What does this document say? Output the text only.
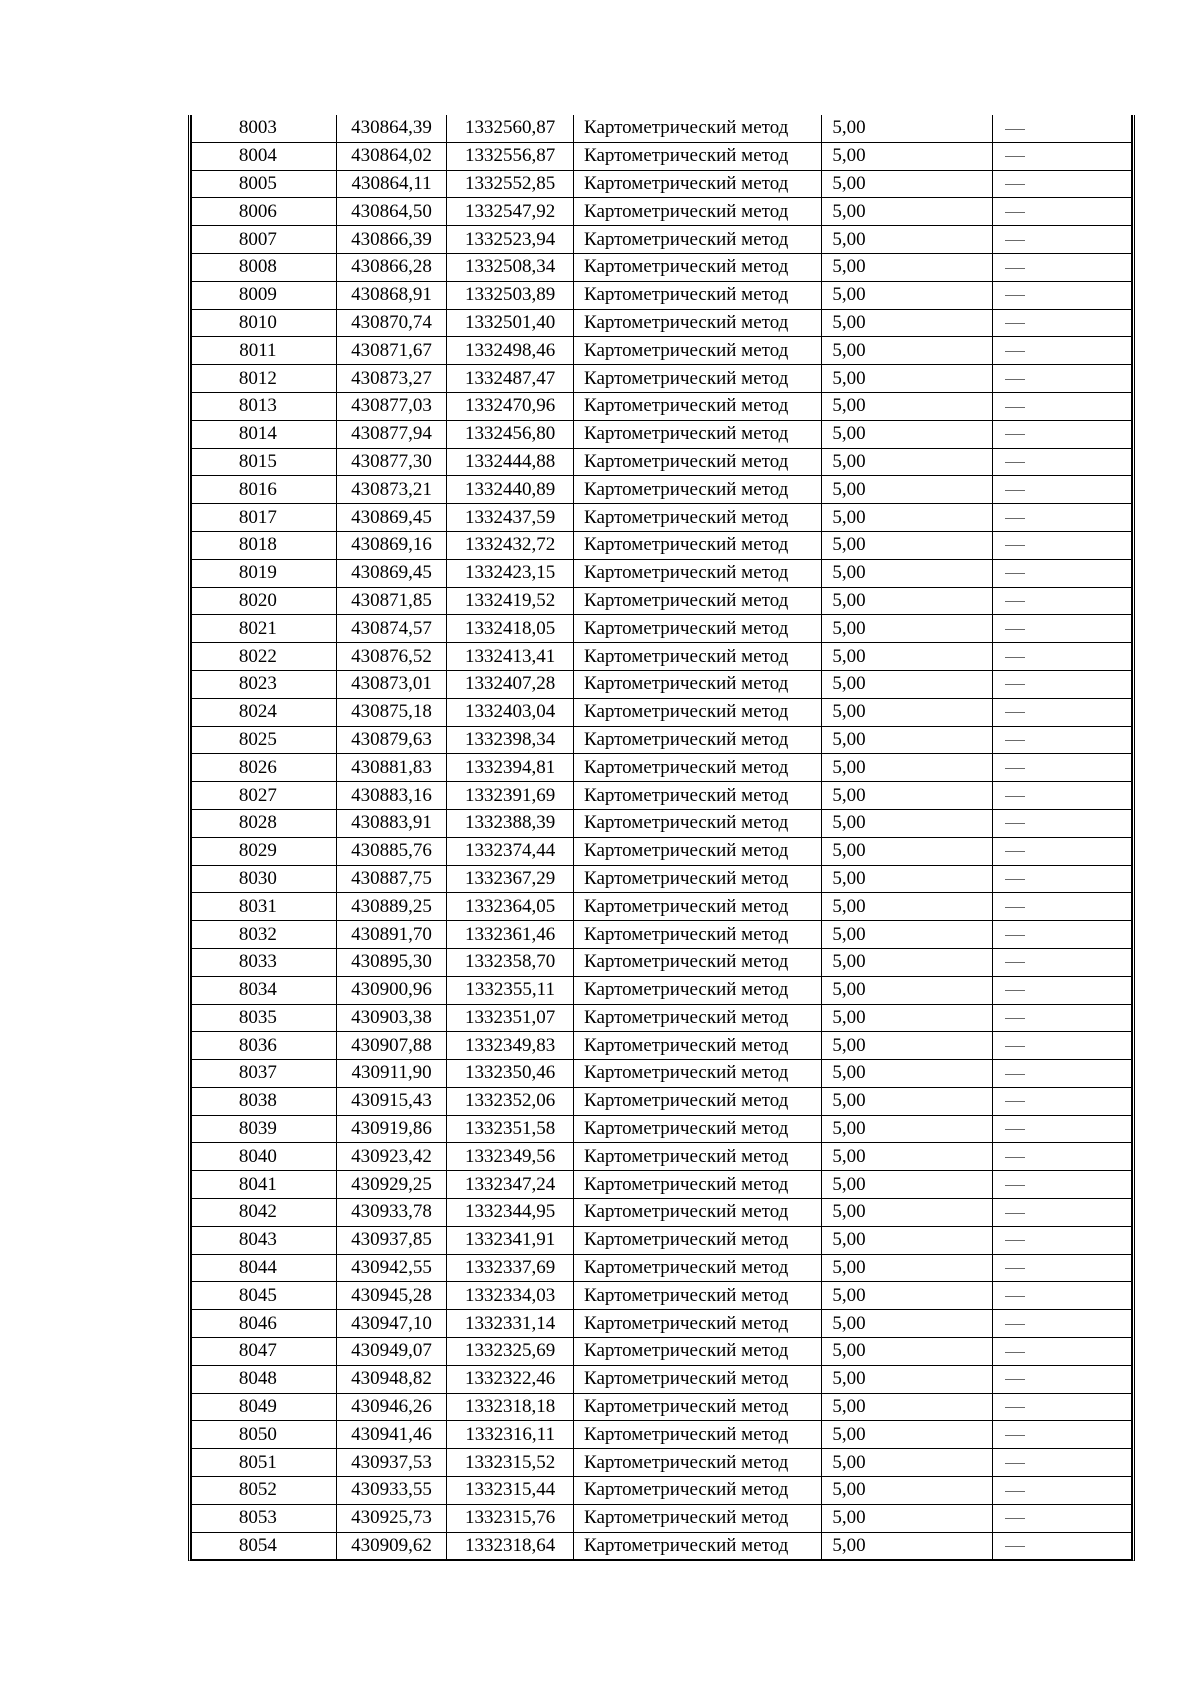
8003	430864,39	1332560,87	Картометрический метод	5,00	
8004	430864,02	1332556,87	Картометрический метод	5,00	
8005	430864,11	1332552,85	Картометрический метод	5,00	
8006	430864,50	1332547,92	Картометрический метод	5,00	
8007	430866,39	1332523,94	Картометрический метод	5,00	
8008	430866,28	1332508,34	Картометрический метод	5,00	
8009	430868,91	1332503,89	Картометрический метод	5,00	
8010	430870,74	1332501,40	Картометрический метод	5,00	
8011	430871,67	1332498,46	Картометрический метод	5,00	
8012	430873,27	1332487,47	Картометрический метод	5,00	
8013	430877,03	1332470,96	Картометрический метод	5,00	
8014	430877,94	1332456,80	Картометрический метод	5,00	
8015	430877,30	1332444,88	Картометрический метод	5,00	
8016	430873,21	1332440,89	Картометрический метод	5,00	
8017	430869,45	1332437,59	Картометрический метод	5,00	
8018	430869,16	1332432,72	Картометрический метод	5,00	
8019	430869,45	1332423,15	Картометрический метод	5,00	
8020	430871,85	1332419,52	Картометрический метод	5,00	
8021	430874,57	1332418,05	Картометрический метод	5,00	
8022	430876,52	1332413,41	Картометрический метод	5,00	
8023	430873,01	1332407,28	Картометрический метод	5,00	
8024	430875,18	1332403,04	Картометрический метод	5,00	
8025	430879,63	1332398,34	Картометрический метод	5,00	
8026	430881,83	1332394,81	Картометрический метод	5,00	
8027	430883,16	1332391,69	Картометрический метод	5,00	
8028	430883,91	1332388,39	Картометрический метод	5,00	
8029	430885,76	1332374,44	Картометрический метод	5,00	
8030	430887,75	1332367,29	Картометрический метод	5,00	
8031	430889,25	1332364,05	Картометрический метод	5,00	
8032	430891,70	1332361,46	Картометрический метод	5,00	
8033	430895,30	1332358,70	Картометрический метод	5,00	
8034	430900,96	1332355,11	Картометрический метод	5,00	
8035	430903,38	1332351,07	Картометрический метод	5,00	
8036	430907,88	1332349,83	Картометрический метод	5,00	
8037	430911,90	1332350,46	Картометрический метод	5,00	
8038	430915,43	1332352,06	Картометрический метод	5,00	
8039	430919,86	1332351,58	Картометрический метод	5,00	
8040	430923,42	1332349,56	Картометрический метод	5,00	
8041	430929,25	1332347,24	Картометрический метод	5,00	
8042	430933,78	1332344,95	Картометрический метод	5,00	
8043	430937,85	1332341,91	Картометрический метод	5,00	
8044	430942,55	1332337,69	Картометрический метод	5,00	
8045	430945,28	1332334,03	Картометрический метод	5,00	
8046	430947,10	1332331,14	Картометрический метод	5,00	
8047	430949,07	1332325,69	Картометрический метод	5,00	
8048	430948,82	1332322,46	Картометрический метод	5,00	
8049	430946,26	1332318,18	Картометрический метод	5,00	
8050	430941,46	1332316,11	Картометрический метод	5,00	
8051	430937,53	1332315,52	Картометрический метод	5,00	
8052	430933,55	1332315,44	Картометрический метод	5,00	
8053	430925,73	1332315,76	Картометрический метод	5,00	
8054	430909,62	1332318,64	Картометрический метод	5,00	
